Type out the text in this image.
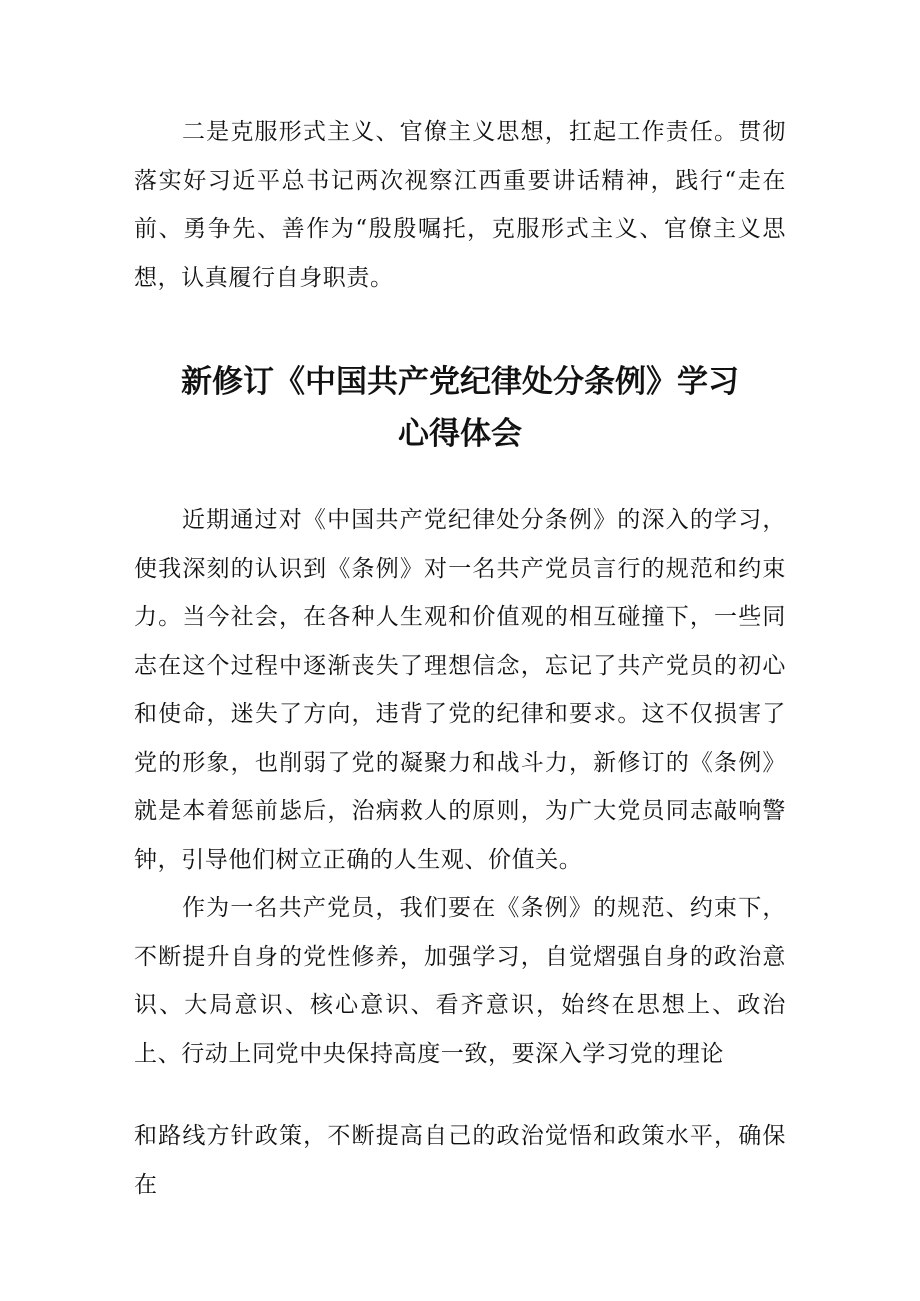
二是克服形式主义、官僚主义思想，扛起工作责任。贯彻落实好习近平总书记两次视察江西重要讲话精神，践行“走在前、勇争先、善作为“殷殷嘱托，克服形式主义、官僚主义思想，认真履行自身职责。

新修订《中国共产党纪律处分条例》学习
心得体会

近期通过对《中国共产党纪律处分条例》的深入的学习，使我深刻的认识到《条例》对一名共产党员言行的规范和约束力。当今社会，在各种人生观和价值观的相互碰撞下，一些同志在这个过程中逐渐丧失了理想信念，忘记了共产党员的初心和使命，迷失了方向，违背了党的纪律和要求。这不仅损害了党的形象，也削弱了党的凝聚力和战斗力，新修订的《条例》就是本着惩前毖后，治病救人的原则，为广大党员同志敲响警钟，引导他们树立正确的人生观、价值关。

作为一名共产党员，我们要在《条例》的规范、约束下，不断提升自身的党性修养，加强学习，自觉熠强自身的政治意识、大局意识、核心意识、看齐意识，始终在思想上、政治上、行动上同党中央保持高度一致，要深入学习党的理论

和路线方针政策，不断提高自己的政治觉悟和政策水平，确保在
